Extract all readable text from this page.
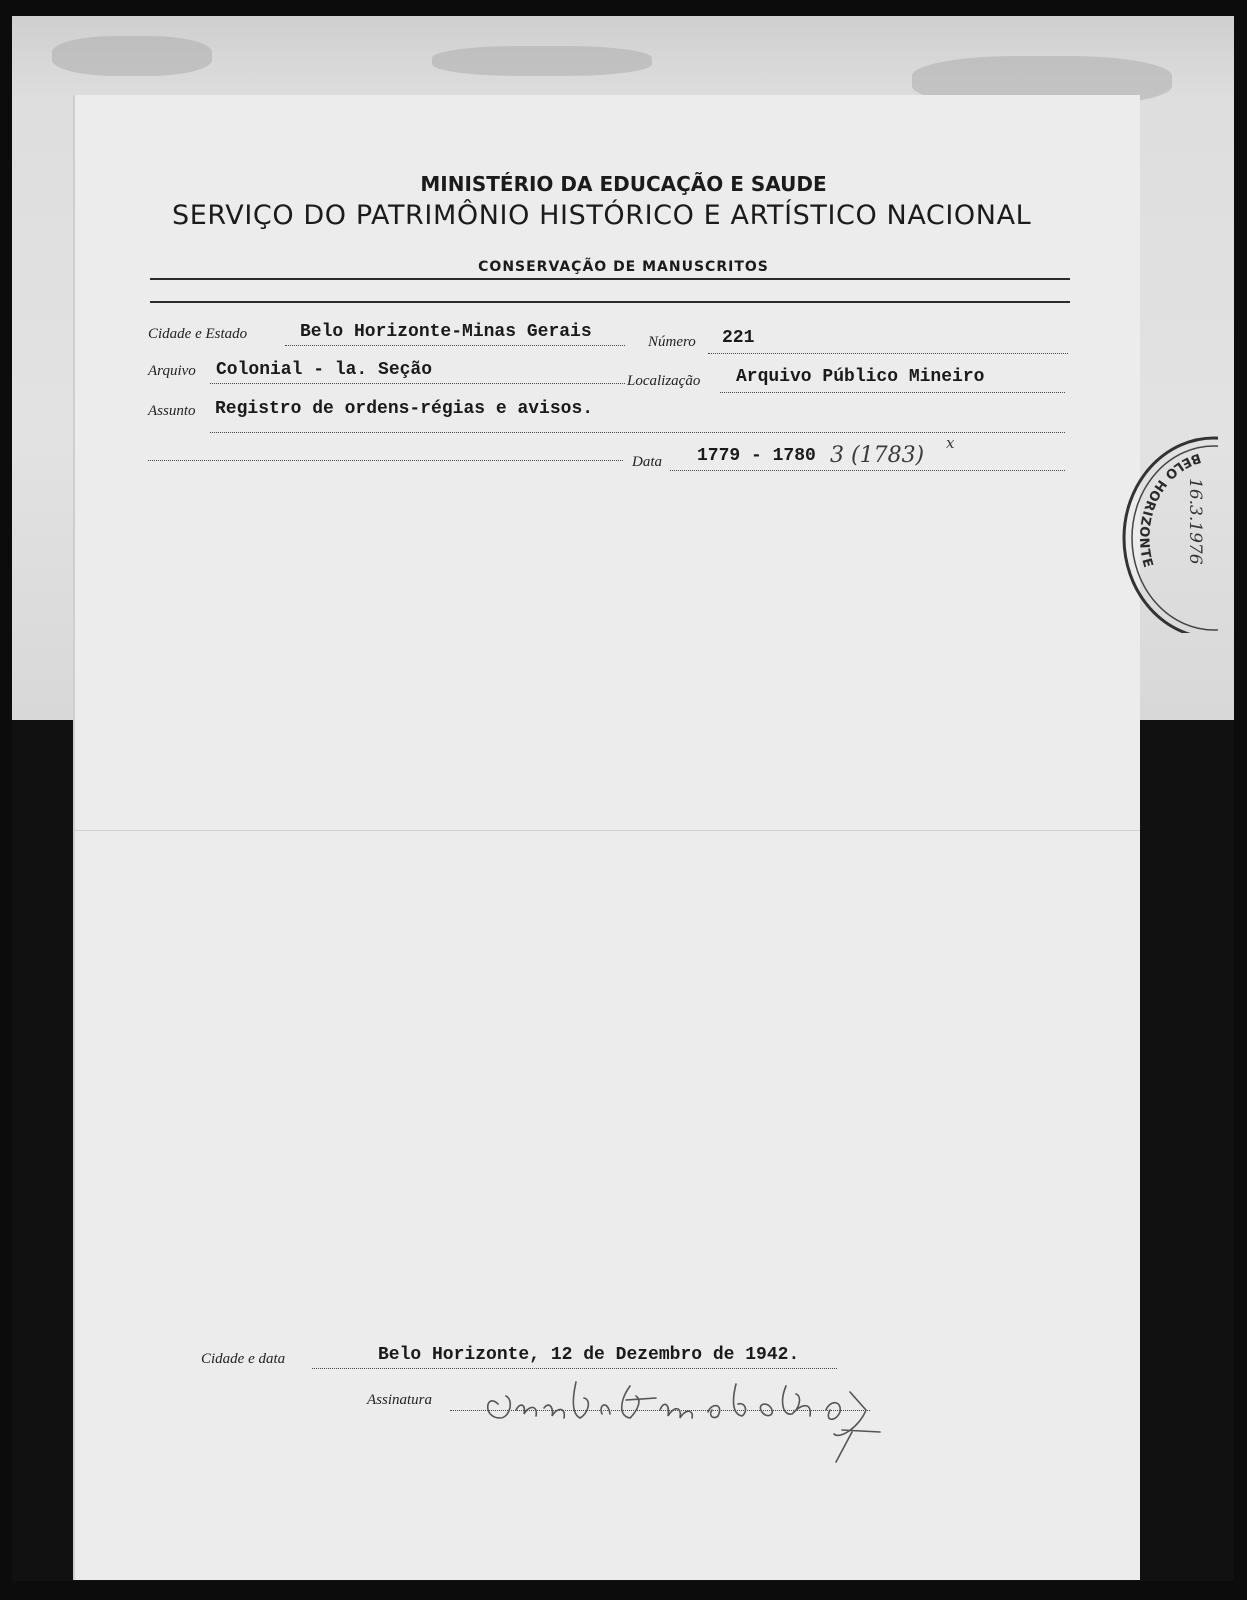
MINISTÉRIO DA EDUCAÇÃO E SAUDE
SERVIÇO DO PATRIMÔNIO HISTÓRICO E ARTÍSTICO NACIONAL
CONSERVAÇÃO DE MANUSCRITOS
Cidade e Estado	Belo Horizonte-Minas Gerais	Número 221
Arquivo Colonial - la. Seção
Localização Arquivo Público Mineiro
Assunto Registro de ordens-régias e avisos.
Data 1779 - 1780 3 (1783) x
BELO HORIZONTE	16.3.1976
Cidade e data	Belo Horizonte, 12 de Dezembro de 1942.
Assinatura
